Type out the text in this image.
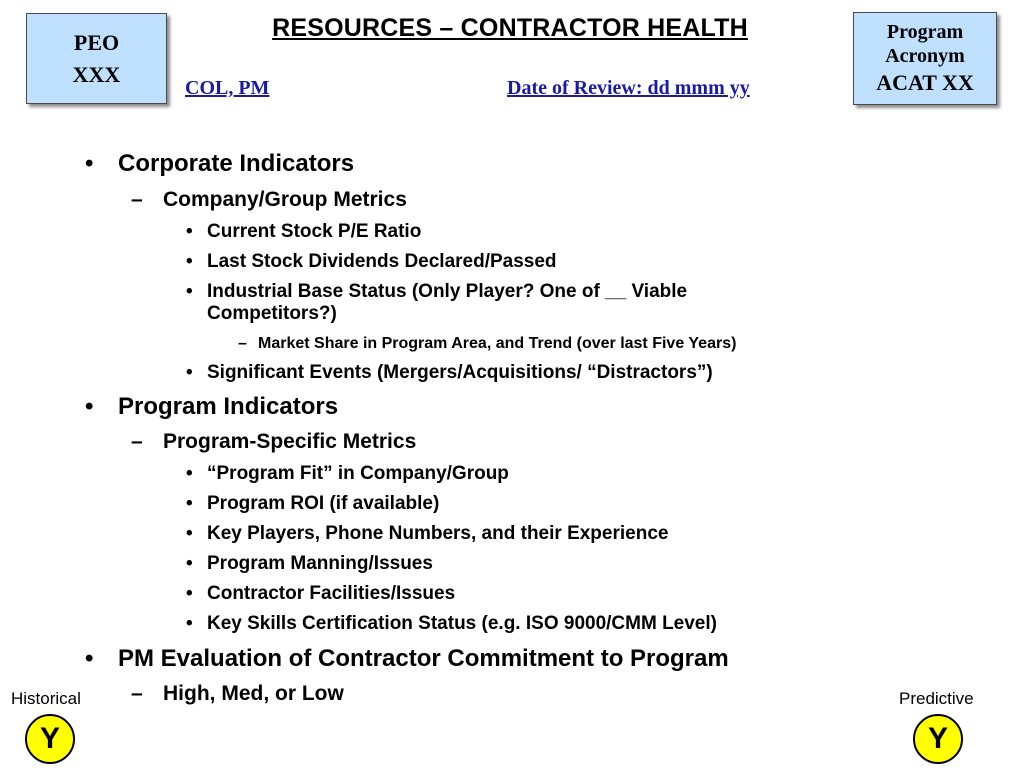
PEO
XXX
RESOURCES – CONTRACTOR HEALTH
COL, PM	Date of Review: dd mmm yy
Program
Acronym
ACAT XX
• Corporate Indicators
– Company/Group Metrics
• Current Stock P/E Ratio
• Last Stock Dividends Declared/Passed
• Industrial Base Status (Only Player? One of __ Viable
Competitors?)
– Market Share in Program Area, and Trend (over last Five Years)
• Significant Events (Mergers/Acquisitions/ “Distractors”)
• Program Indicators
– Program-Specific Metrics
• “Program Fit” in Company/Group
• Program ROI (if available)
• Key Players, Phone Numbers, and their Experience
• Program Manning/Issues
• Contractor Facilities/Issues
• Key Skills Certification Status (e.g. ISO 9000/CMM Level)
• PM Evaluation of Contractor Commitment to Program
– High, Med, or Low
Historical
Y
Predictive
Y
